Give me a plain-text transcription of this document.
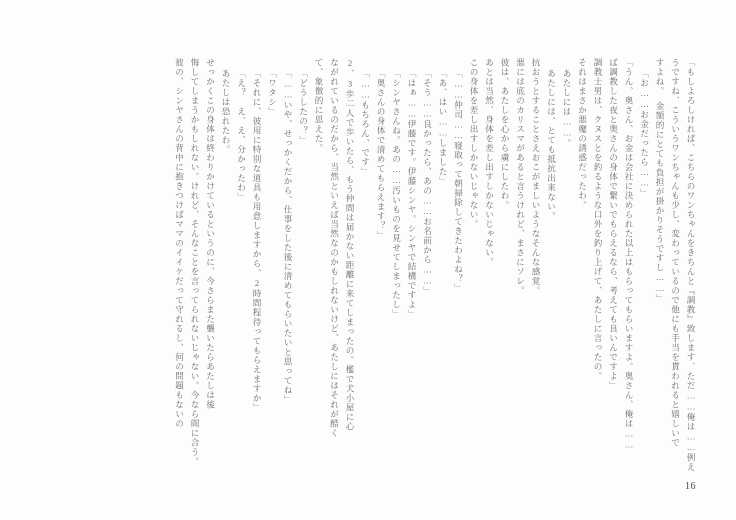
「もしよろしければ、こちらのワンちゃんをきちんと『調教』致します、ただ……俺は……例え
うですね、こういうワンちゃんも少し、変わっているので他にも手当を貰われると嬉しいで
すよね。　金額的にとても負担が掛かりそうですし……」
「お……お金だったら……」
「うん、奥さん、お金は会社に決められた以上はもらってもらいますよ。奥さん、俺は……
ば調教した夜と奥さんの身体で繋いでもらえるなら、考えても良いんですよ」
調教士男は、クヌスとを釣るような口外を釣り上げて、あたしに言ったの。
それはまさか悪魔の誘惑だったわ。
あたしには……。
あたしには、とても抵抗出来ない。
抗おうとすることさえおこがましいようなそんな感覚。
悪には底のカリスマがあると言うけれど、まさにソレ。
彼は、あたしを心から虜にしたわ。
あとは当然、身体を差し出すしかないじゃない。
この身体を差し出すしかないじゃない。
「……仲司……寝取って朝掃除してきたわよね？」
「あ、はい……しました」
「そう……良かったら、あの……お名前から……」
「はぁ……伊藤です。伊藤シンヤ。シンヤで結構ですよ」
「シンヤさんね。あの……汚いものを見せてしまったし」
「奥さんの身体で清めてもらえます？」
「……もちろん、です」
2、3歩二人で歩いたら、もう仲間は届かない距離に来てしまったの。檻で犬小屋に心
ながれているのだから、当然といえば当然なのかもしれないけど、あたしにはそれが酷く
て、象徴的に思えた。
「どうしたの？」
「……いや、せっかくだから、仕事をした後に清めてもらいたいと思ってね」
「ワタシ」
「それに、彼用に特別な道具も用意しますから、2時間程待ってもらえますか」
「え？　え、え、分かったわ」
あたしは恐れたわ。
せっかくこの身体は終わりかけているというのに、今さらまた襲いたらあたしは後
悔してしまうかもしれない。けれど、そんなことを言ってられないじゃない。今なら間に合う。
彼の、シンヤさんの背中に抱きつけばママのイイケだって守れるし、何の問題もないの
16
